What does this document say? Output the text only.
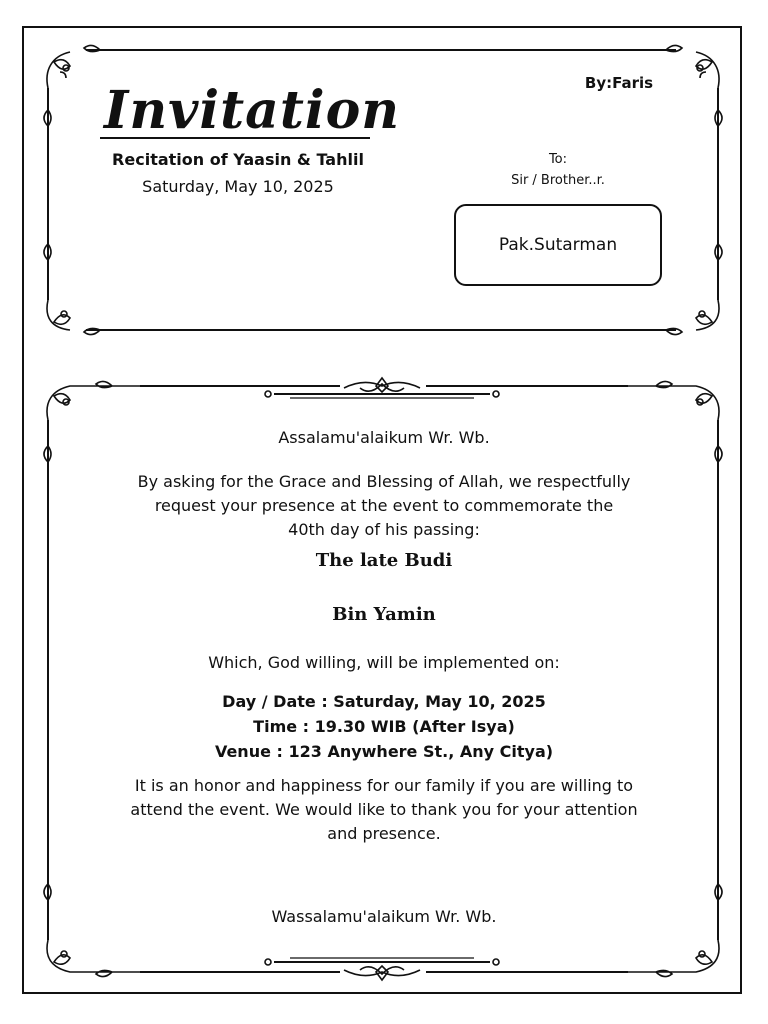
Invitation
Recitation of Yaasin & Tahlil
Saturday, May 10, 2025
By:Faris
To:
Sir / Brother..r.
Pak.Sutarman
Assalamu'alaikum Wr. Wb.
By asking for the Grace and Blessing of Allah, we respectfully
request your presence at the event to commemorate the
40th day of his passing:
The late Budi
Bin Yamin
Which, God willing, will be implemented on:
Day / Date : Saturday, May 10, 2025
Time : 19.30 WIB (After Isya)
Venue : 123 Anywhere St., Any Citya)
It is an honor and happiness for our family if you are willing to
attend the event. We would like to thank you for your attention
and presence.
Wassalamu'alaikum Wr. Wb.
